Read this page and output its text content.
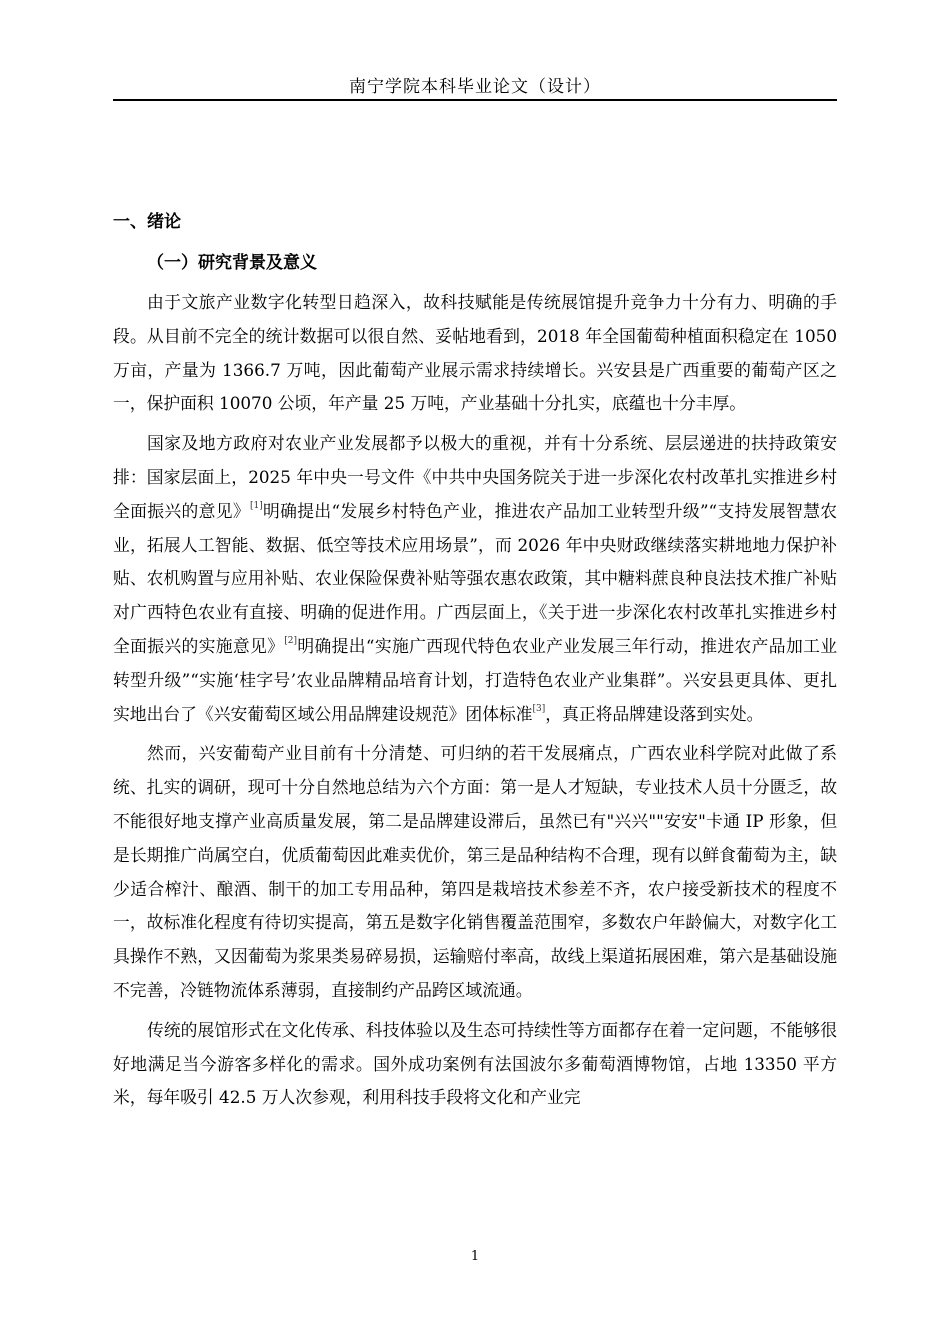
南宁学院本科毕业论文（设计）
一、绪论
（一）研究背景及意义

由于文旅产业数字化转型日趋深入，故科技赋能是传统展馆提升竞争力十分有力、明确的手段。从目前不完全的统计数据可以很自然、妥帖地看到，2018 年全国葡萄种植面积稳定在 1050 万亩，产量为 1366.7 万吨，因此葡萄产业展示需求持续增长。兴安县是广西重要的葡萄产区之一，保护面积 10070 公顷，年产量 25 万吨，产业基础十分扎实，底蕴也十分丰厚。

国家及地方政府对农业产业发展都予以极大的重视，并有十分系统、层层递进的扶持政策安排：国家层面上，2025 年中央一号文件《中共中央国务院关于进一步深化农村改革扎实推进乡村全面振兴的意见》[1]明确提出“发展乡村特色产业，推进农产品加工业转型升级”“支持发展智慧农业，拓展人工智能、数据、低空等技术应用场景”，而 2026 年中央财政继续落实耕地地力保护补贴、农机购置与应用补贴、农业保险保费补贴等强农惠农政策，其中糖料蔗良种良法技术推广补贴对广西特色农业有直接、明确的促进作用。广西层面上，《关于进一步深化农村改革扎实推进乡村全面振兴的实施意见》[2]明确提出“实施广西现代特色农业产业发展三年行动，推进农产品加工业转型升级”“实施‘桂字号’农业品牌精品培育计划，打造特色农业产业集群”。兴安县更具体、更扎实地出台了《兴安葡萄区域公用品牌建设规范》团体标准[3]，真正将品牌建设落到实处。

然而，兴安葡萄产业目前有十分清楚、可归纳的若干发展痛点，广西农业科学院对此做了系统、扎实的调研，现可十分自然地总结为六个方面：第一是人才短缺，专业技术人员十分匮乏，故不能很好地支撑产业高质量发展，第二是品牌建设滞后，虽然已有"兴兴""安安"卡通 IP 形象，但是长期推广尚属空白，优质葡萄因此难卖优价，第三是品种结构不合理，现有以鲜食葡萄为主，缺少适合榨汁、酿酒、制干的加工专用品种，第四是栽培技术参差不齐，农户接受新技术的程度不一，故标准化程度有待切实提高，第五是数字化销售覆盖范围窄，多数农户年龄偏大，对数字化工具操作不熟，又因葡萄为浆果类易碎易损，运输赔付率高，故线上渠道拓展困难，第六是基础设施不完善，冷链物流体系薄弱，直接制约产品跨区域流通。

传统的展馆形式在文化传承、科技体验以及生态可持续性等方面都存在着一定问题，不能够很好地满足当今游客多样化的需求。国外成功案例有法国波尔多葡萄酒博物馆，占地 13350 平方米，每年吸引 42.5 万人次参观，利用科技手段将文化和产业完

1
